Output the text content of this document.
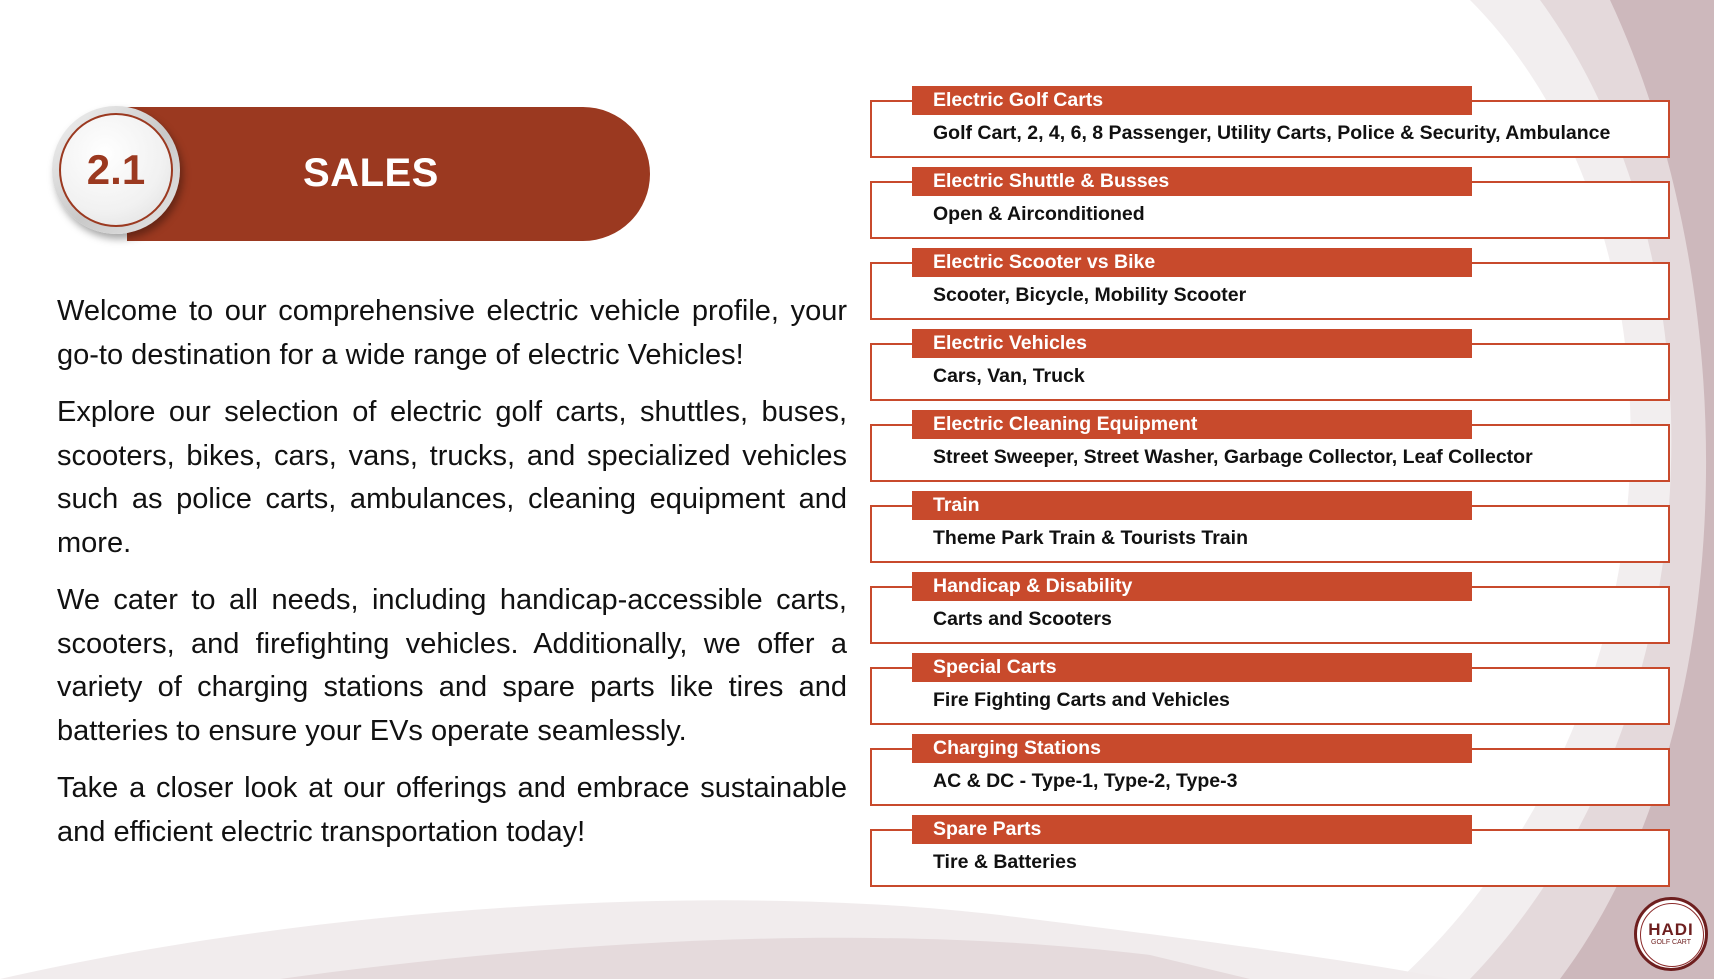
SALES
2.1

Welcome to our comprehensive electric vehicle profile, your go-to destination for a wide range of electric Vehicles!

Explore our selection of electric golf carts, shuttles, buses, scooters, bikes, cars, vans, trucks, and specialized vehicles such as police carts, ambulances, cleaning equipment and more.

We cater to all needs, including handicap-accessible carts, scooters, and firefighting vehicles. Additionally, we offer a variety of charging stations and spare parts like tires and batteries to ensure your EVs operate seamlessly.

Take a closer look at our offerings and embrace sustainable and efficient electric transportation today!

Electric Golf Carts
Golf Cart, 2, 4, 6, 8 Passenger, Utility Carts, Police & Security, Ambulance
Electric Shuttle & Busses
Open & Airconditioned
Electric Scooter vs Bike
Scooter, Bicycle, Mobility Scooter
Electric Vehicles
Cars, Van, Truck
Electric Cleaning Equipment
Street Sweeper, Street Washer, Garbage Collector, Leaf Collector
Train
Theme Park Train & Tourists Train
Handicap & Disability
Carts and Scooters
Special Carts
Fire Fighting Carts and Vehicles
Charging Stations
AC & DC - Type-1, Type-2, Type-3
Spare Parts
Tire & Batteries
HADI
GOLF CART
